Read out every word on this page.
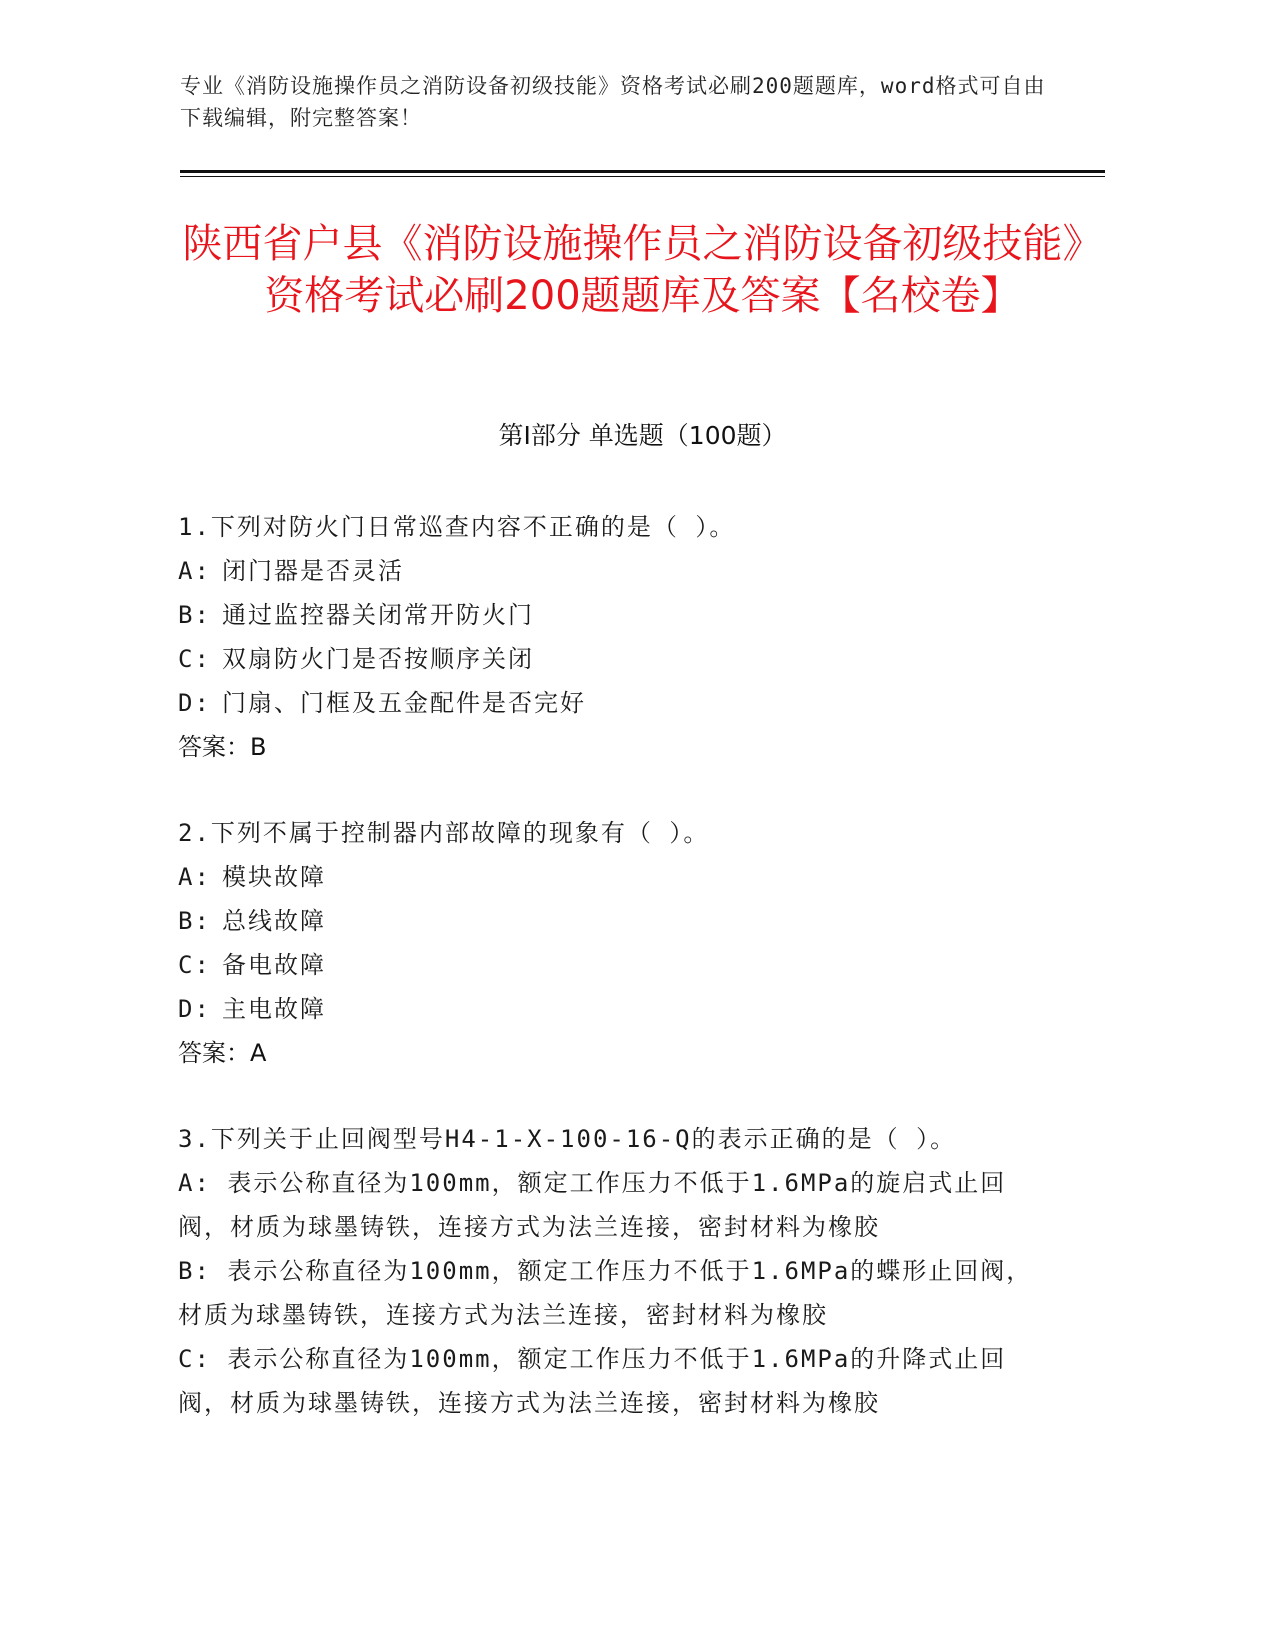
专业《消防设施操作员之消防设备初级技能》资格考试必刷200题题库，word格式可自由下载编辑，附完整答案！
陕西省户县《消防设施操作员之消防设备初级技能》资格考试必刷200题题库及答案【名校卷】
第I部分 单选题（100题）
1.下列对防火门日常巡查内容不正确的是（ ）。
A: 闭门器是否灵活
B: 通过监控器关闭常开防火门
C: 双扇防火门是否按顺序关闭
D: 门扇、门框及五金配件是否完好
答案：B
2.下列不属于控制器内部故障的现象有（ ）。
A: 模块故障
B: 总线故障
C: 备电故障
D: 主电故障
答案：A
3.下列关于止回阀型号H4-1-X-100-16-Q的表示正确的是（ ）。
A: 表示公称直径为100mm，额定工作压力不低于1.6MPa的旋启式止回阀，材质为球墨铸铁，连接方式为法兰连接，密封材料为橡胶
B: 表示公称直径为100mm，额定工作压力不低于1.6MPa的蝶形止回阀，材质为球墨铸铁，连接方式为法兰连接，密封材料为橡胶
C: 表示公称直径为100mm，额定工作压力不低于1.6MPa的升降式止回阀，材质为球墨铸铁，连接方式为法兰连接，密封材料为橡胶
